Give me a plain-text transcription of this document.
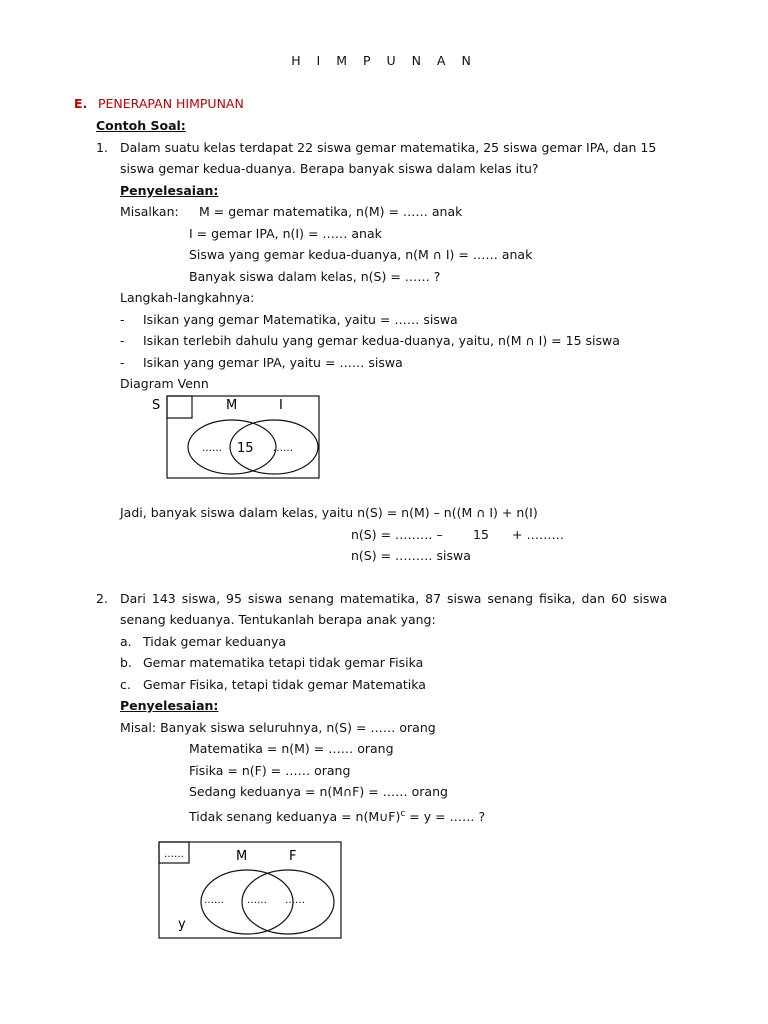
H I M P U N A N
E. PENERAPAN HIMPUNAN
Contoh Soal:
1. Dalam suatu kelas terdapat 22 siswa gemar matematika, 25 siswa gemar IPA, dan 15
siswa gemar kedua-duanya. Berapa banyak siswa dalam kelas itu?
Penyelesaian:
Misalkan: M = gemar matematika, n(M) = …… anak
I = gemar IPA, n(I) = …… anak
Siswa yang gemar kedua-duanya, n(M ∩ I) = …… anak
Banyak siswa dalam kelas, n(S) = …… ?
Langkah-langkahnya:
- Isikan yang gemar Matematika, yaitu = …… siswa
- Isikan terlebih dahulu yang gemar kedua-duanya, yaitu, n(M ∩ I) = 15 siswa
- Isikan yang gemar IPA, yaitu = …… siswa
Diagram Venn
S	M	I
…… 15 ……
Jadi, banyak siswa dalam kelas, yaitu n(S) = n(M) – n((M ∩ I) + n(I)
n(S) = ……… – 15 + ………
n(S) = ……… siswa
2. Dari 143 siswa, 95 siswa senang matematika, 87 siswa senang fisika, dan 60 siswa
senang keduanya. Tentukanlah berapa anak yang:
a. Tidak gemar keduanya
b. Gemar matematika tetapi tidak gemar Fisika
c. Gemar Fisika, tetapi tidak gemar Matematika
Penyelesaian:
Misal: Banyak siswa seluruhnya, n(S) = …… orang
Matematika = n(M) = …… orang
Fisika = n(F) = …… orang
Sedang keduanya = n(M∩F) = …… orang
Tidak senang keduanya = n(M∪F)$^c$ = y = …… ?
……	M	F
…… …… ……
y
